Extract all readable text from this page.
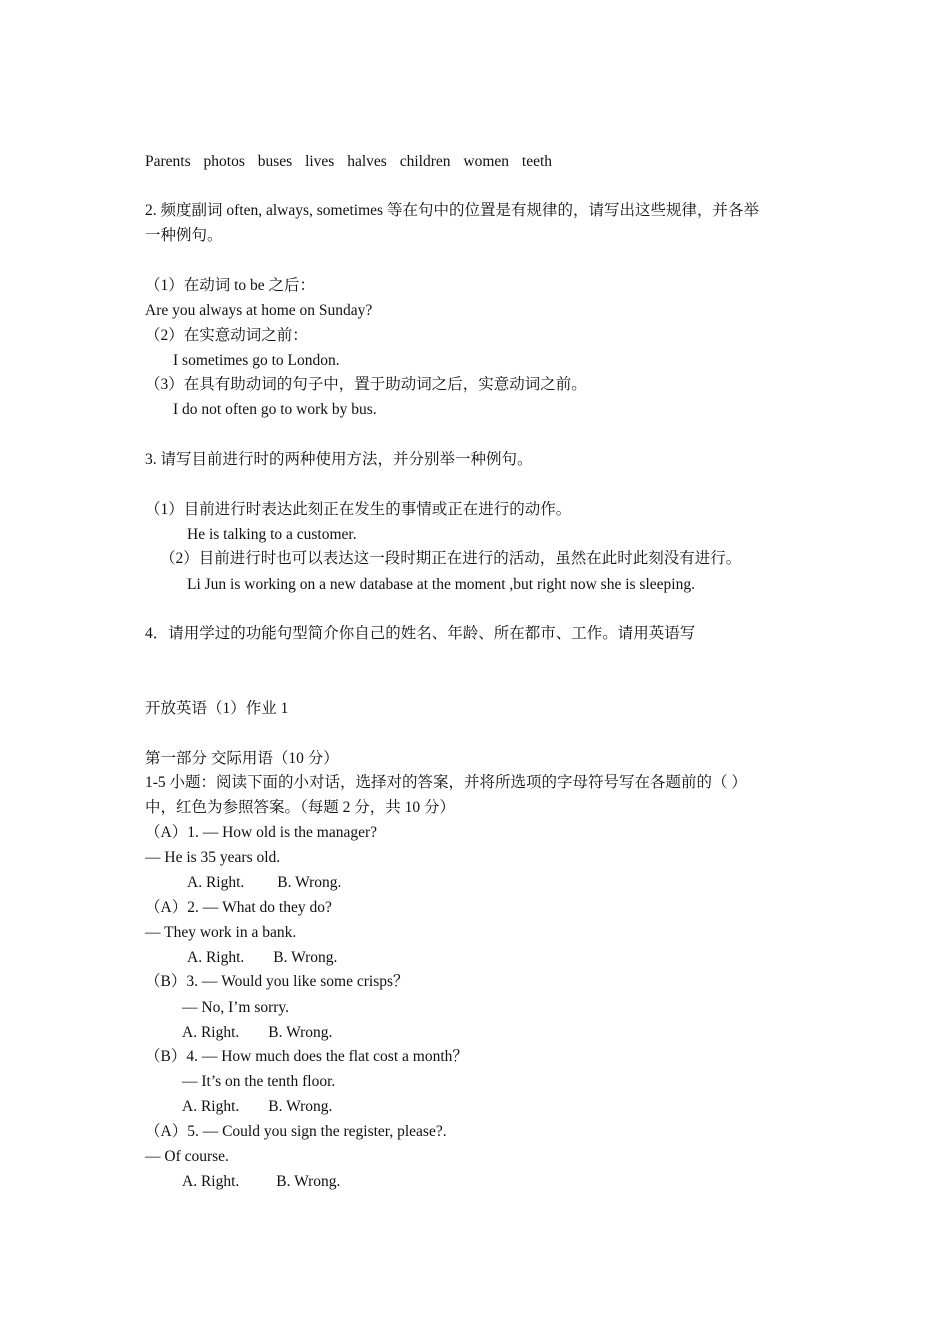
Parents photos buses lives halves children women teeth
2. 频度副词 often, always, sometimes 等在句中的位置是有规律的，请写出这些规律，并各举
一种例句。
（1）在动词 to be 之后：
Are you always at home on Sunday?
（2）在实意动词之前：
I sometimes go to London.
（3）在具有助动词的句子中，置于助动词之后，实意动词之前。
I do not often go to work by bus.
3. 请写目前进行时的两种使用方法，并分别举一种例句。
（1）目前进行时表达此刻正在发生的事情或正在进行的动作。
He is talking to a customer.
（2）目前进行时也可以表达这一段时期正在进行的活动，虽然在此时此刻没有进行。
Li Jun is working on a new database at the moment ,but right now she is sleeping.
4．请用学过的功能句型简介你自己的姓名、年龄、所在都市、工作。请用英语写
开放英语（1）作业 1
第一部分 交际用语（10 分）
1-5 小题：阅读下面的小对话，选择对的答案，并将所选项的字母符号写在各题前的（ ）
中，红色为参照答案。（每题 2 分，共 10 分）
（A）1. — How old is the manager?
— He is 35 years old.
A. Right. B. Wrong.
（A）2. — What do they do?
— They work in a bank.
A. Right. B. Wrong.
（B）3. — Would you like some crisps？
— No, I’m sorry.
A. Right. B. Wrong.
（B）4. — How much does the flat cost a month？
— It’s on the tenth floor.
A. Right. B. Wrong.
（A）5. — Could you sign the register, please?.
— Of course.
A. Right. B. Wrong.
